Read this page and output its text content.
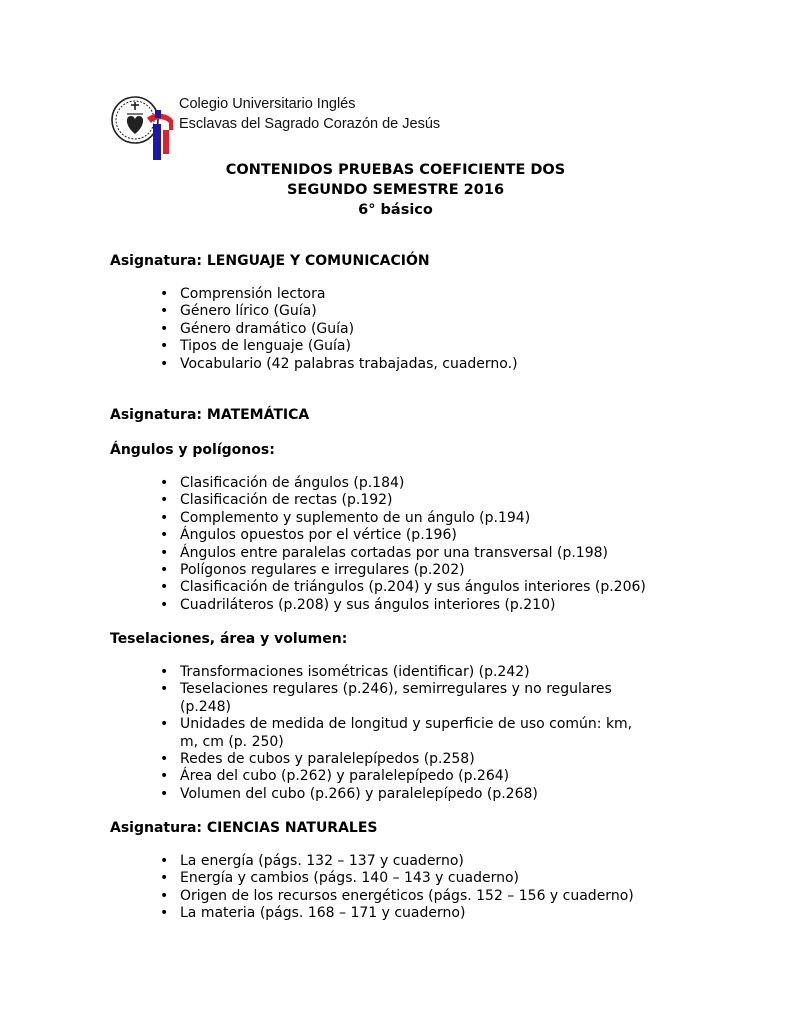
Colegio Universitario Inglés
Esclavas del Sagrado Corazón de Jesús
CONTENIDOS PRUEBAS COEFICIENTE DOS
SEGUNDO SEMESTRE 2016
6° básico
Asignatura: LENGUAJE Y COMUNICACIÓN
• Comprensión lectora
• Género lírico (Guía)
• Género dramático (Guía)
• Tipos de lenguaje (Guía)
• Vocabulario (42 palabras trabajadas, cuaderno.)
Asignatura: MATEMÁTICA
Ángulos y polígonos:
• Clasificación de ángulos (p.184)
• Clasificación de rectas (p.192)
• Complemento y suplemento de un ángulo (p.194)
• Ángulos opuestos por el vértice (p.196)
• Ángulos entre paralelas cortadas por una transversal (p.198)
• Polígonos regulares e irregulares (p.202)
• Clasificación de triángulos (p.204) y sus ángulos interiores (p.206)
• Cuadriláteros (p.208) y sus ángulos interiores (p.210)
Teselaciones, área y volumen:
• Transformaciones isométricas (identificar) (p.242)
• Teselaciones regulares (p.246), semirregulares y no regulares (p.248)
• Unidades de medida de longitud y superficie de uso común: km, m, cm (p. 250)
• Redes de cubos y paralelepípedos (p.258)
• Área del cubo (p.262) y paralelepípedo (p.264)
• Volumen del cubo (p.266) y paralelepípedo (p.268)
Asignatura: CIENCIAS NATURALES
• La energía (págs. 132 – 137 y cuaderno)
• Energía y cambios (págs. 140 – 143 y cuaderno)
• Origen de los recursos energéticos (págs. 152 – 156 y cuaderno)
• La materia (págs. 168 – 171 y cuaderno)
